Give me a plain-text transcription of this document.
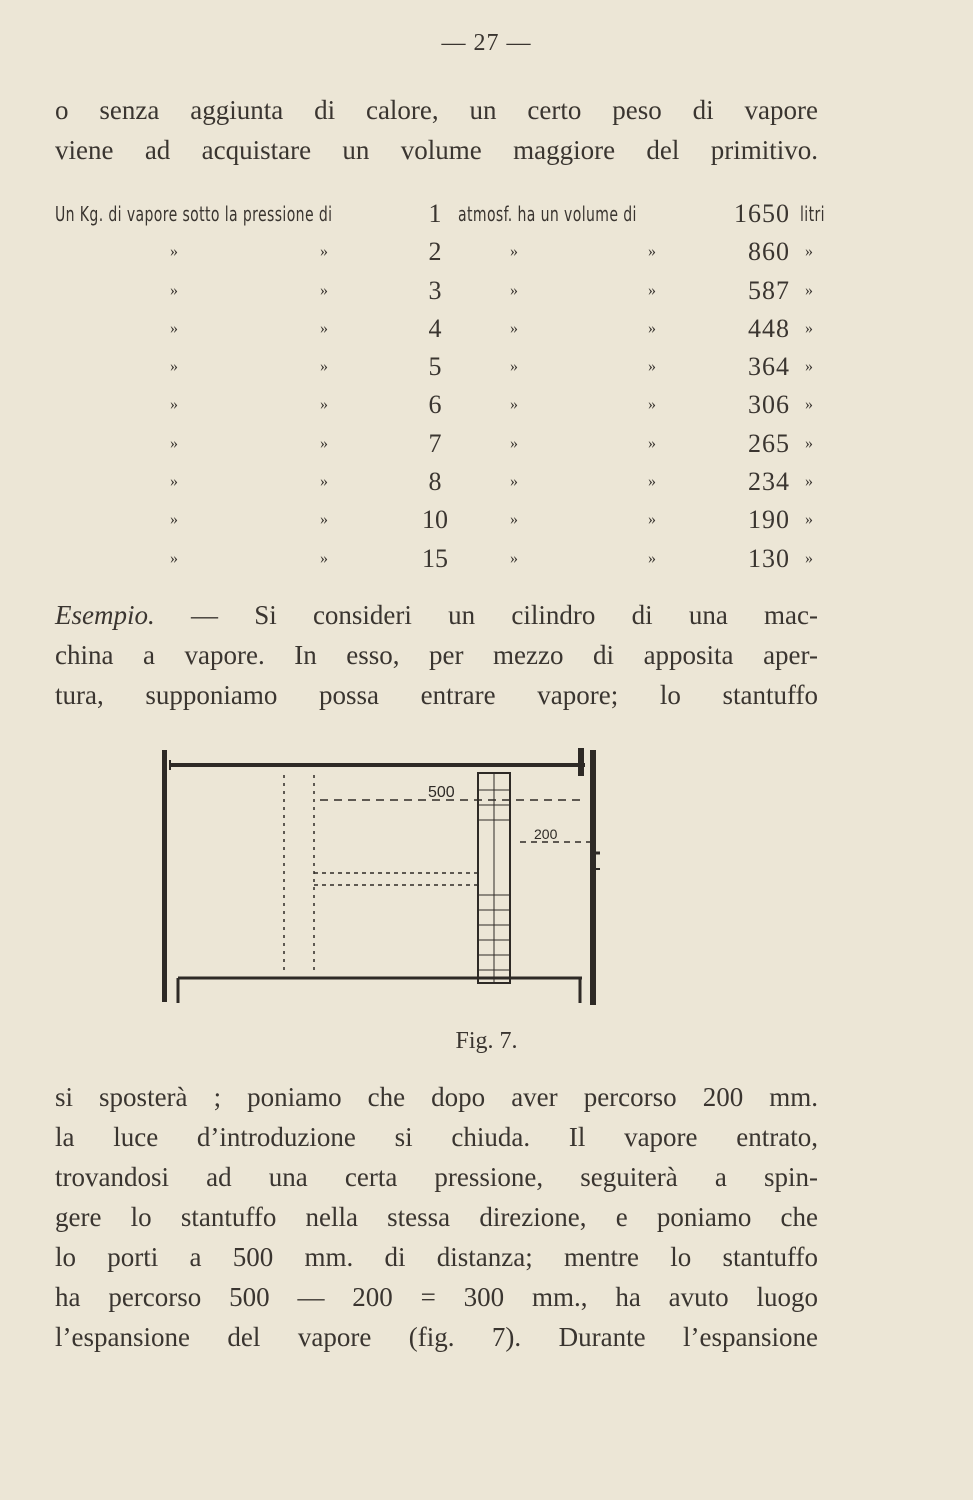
— 27 —
o senza aggiunta di calore, un certo peso di vapore
viene ad acquistare un volume maggiore del primitivo.
Un Kg. di vapore sotto la pressione di	1 atmosf. ha un volume di	1650 litri
»	»	2	»	»	860 »
»	»	3	»	»	587 »
»	»	4	»	»	448 »
»	»	5	»	»	364 »
»	»	6	»	»	306 »
»	»	7	»	»	265 »
»	»	8	»	»	234 »
»	»	10	»	»	190 »
»	»	15	»	»	130 »
500
200
Fig. 7.
Esempio. — Si consideri un cilindro di una mac-
china a vapore. In esso, per mezzo di apposita aper-
tura, supponiamo possa entrare vapore; lo stantuffo
si sposterà ; poniamo che dopo aver percorso 200 mm.
la luce d’introduzione si chiuda. Il vapore entrato,
trovandosi ad una certa pressione, seguiterà a spin-
gere lo stantuffo nella stessa direzione, e poniamo che
lo porti a 500 mm. di distanza; mentre lo stantuffo
ha percorso 500 — 200 = 300 mm., ha avuto luogo
l’espansione del vapore (fig. 7). Durante l’espansione
